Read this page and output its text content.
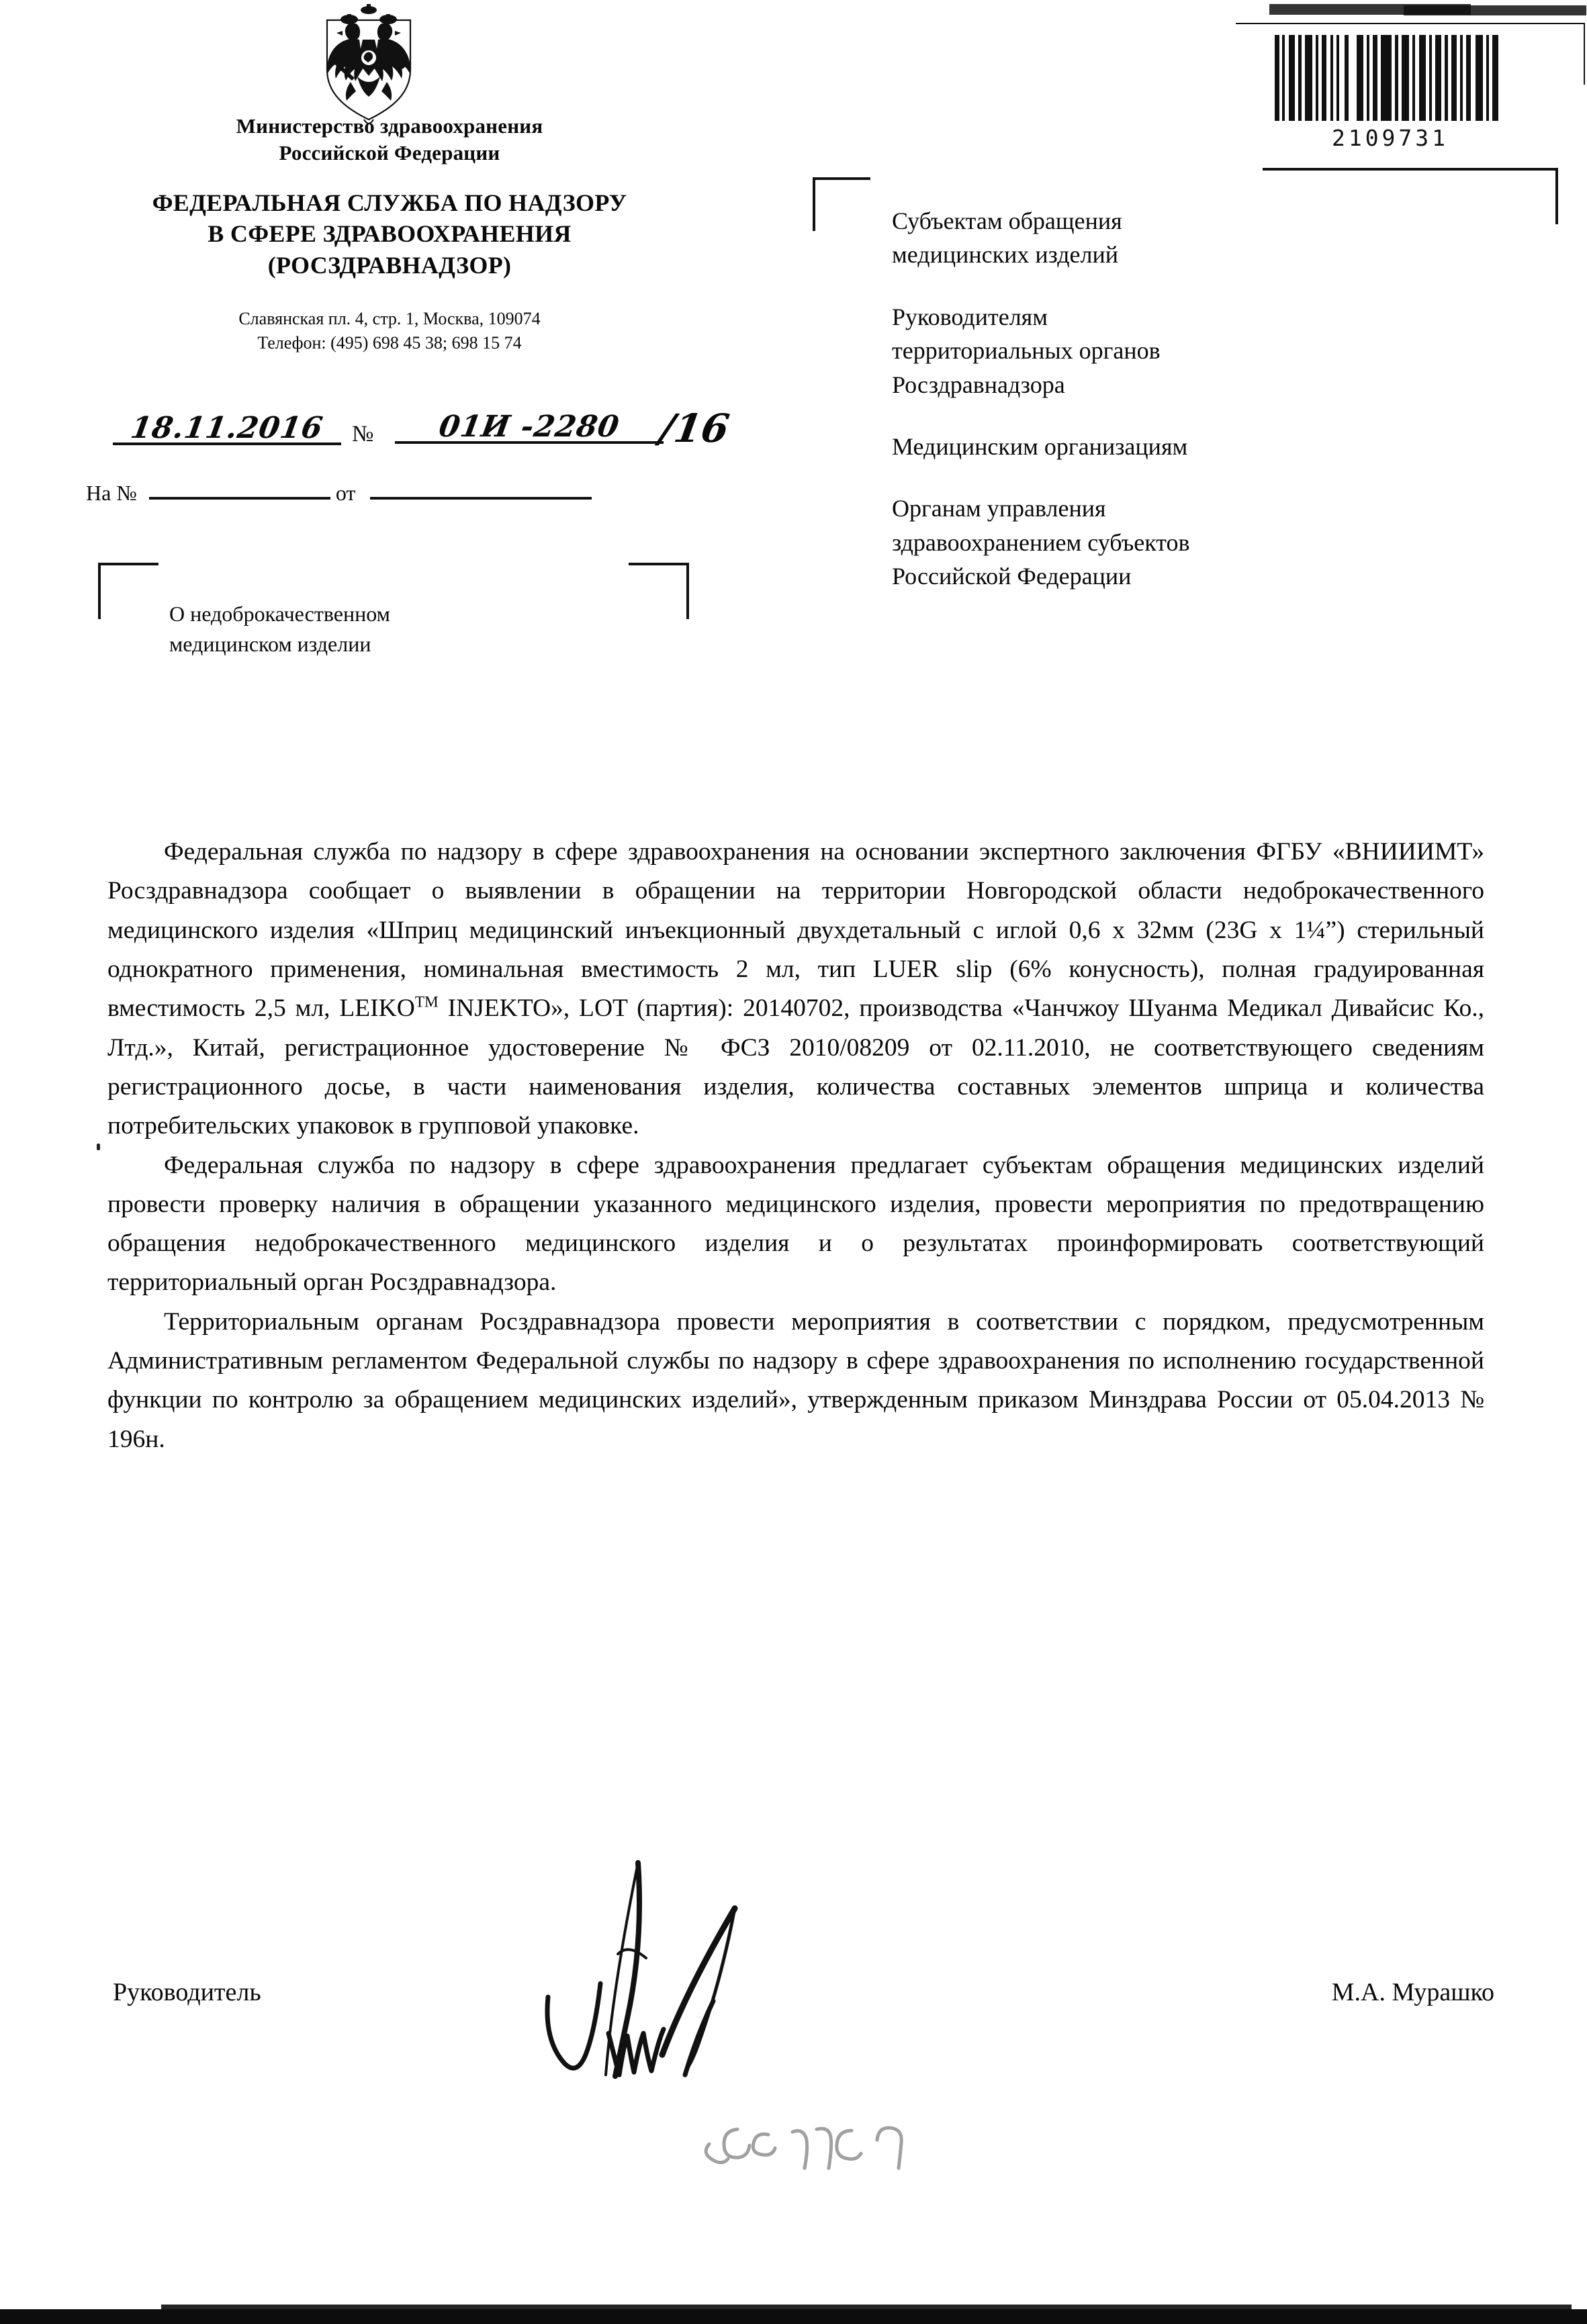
2109731
Министерство здравоохранения
Российской Федерации
ФЕДЕРАЛЬНАЯ СЛУЖБА ПО НАДЗОРУ
В СФЕРЕ ЗДРАВООХРАНЕНИЯ
(РОСЗДРАВНАДЗОР)
Славянская пл. 4, стр. 1, Москва, 109074
Телефон: (495) 698 45 38; 698 15 74
18.11.2016	№	01И -2280 /16
На №	от
О недоброкачественном
медицинском изделии

Субъектам обращения
медицинских изделий

Руководителям
территориальных органов
Росздравнадзора

Медицинским организациям

Органам управления
здравоохранением субъектов
Российской Федерации

Федеральная служба по надзору в сфере здравоохранения на основании экспертного заключения ФГБУ «ВНИИИМТ» Росздравнадзора сообщает о выявлении в обращении на территории Новгородской области недоброкачественного медицинского изделия «Шприц медицинский инъекционный двухдетальный с иглой 0,6 х 32мм (23G х 1¼”) стерильный однократного применения, номинальная вместимость 2 мл, тип LUER slip (6% конусность), полная градуированная вместимость 2,5 мл, LEIKO™ INJEKTO», LOT (партия): 20140702, производства «Чанчжоу Шуанма Медикал Дивайсис Ко., Лтд.», Китай, регистрационное удостоверение № ФСЗ 2010/08209 от 02.11.2010, не соответствующего сведениям регистрационного досье, в части наименования изделия, количества составных элементов шприца и количества потребительских упаковок в групповой упаковке.

Федеральная служба по надзору в сфере здравоохранения предлагает субъектам обращения медицинских изделий провести проверку наличия в обращении указанного медицинского изделия, провести мероприятия по предотвращению обращения недоброкачественного медицинского изделия и о результатах проинформировать соответствующий территориальный орган Росздравнадзора.

Территориальным органам Росздравнадзора провести мероприятия в соответствии с порядком, предусмотренным Административным регламентом Федеральной службы по надзору в сфере здравоохранения по исполнению государственной функции по контролю за обращением медицинских изделий», утвержденным приказом Минздрава России от 05.04.2013 № 196н.

Руководитель	М.А. Мурашко
